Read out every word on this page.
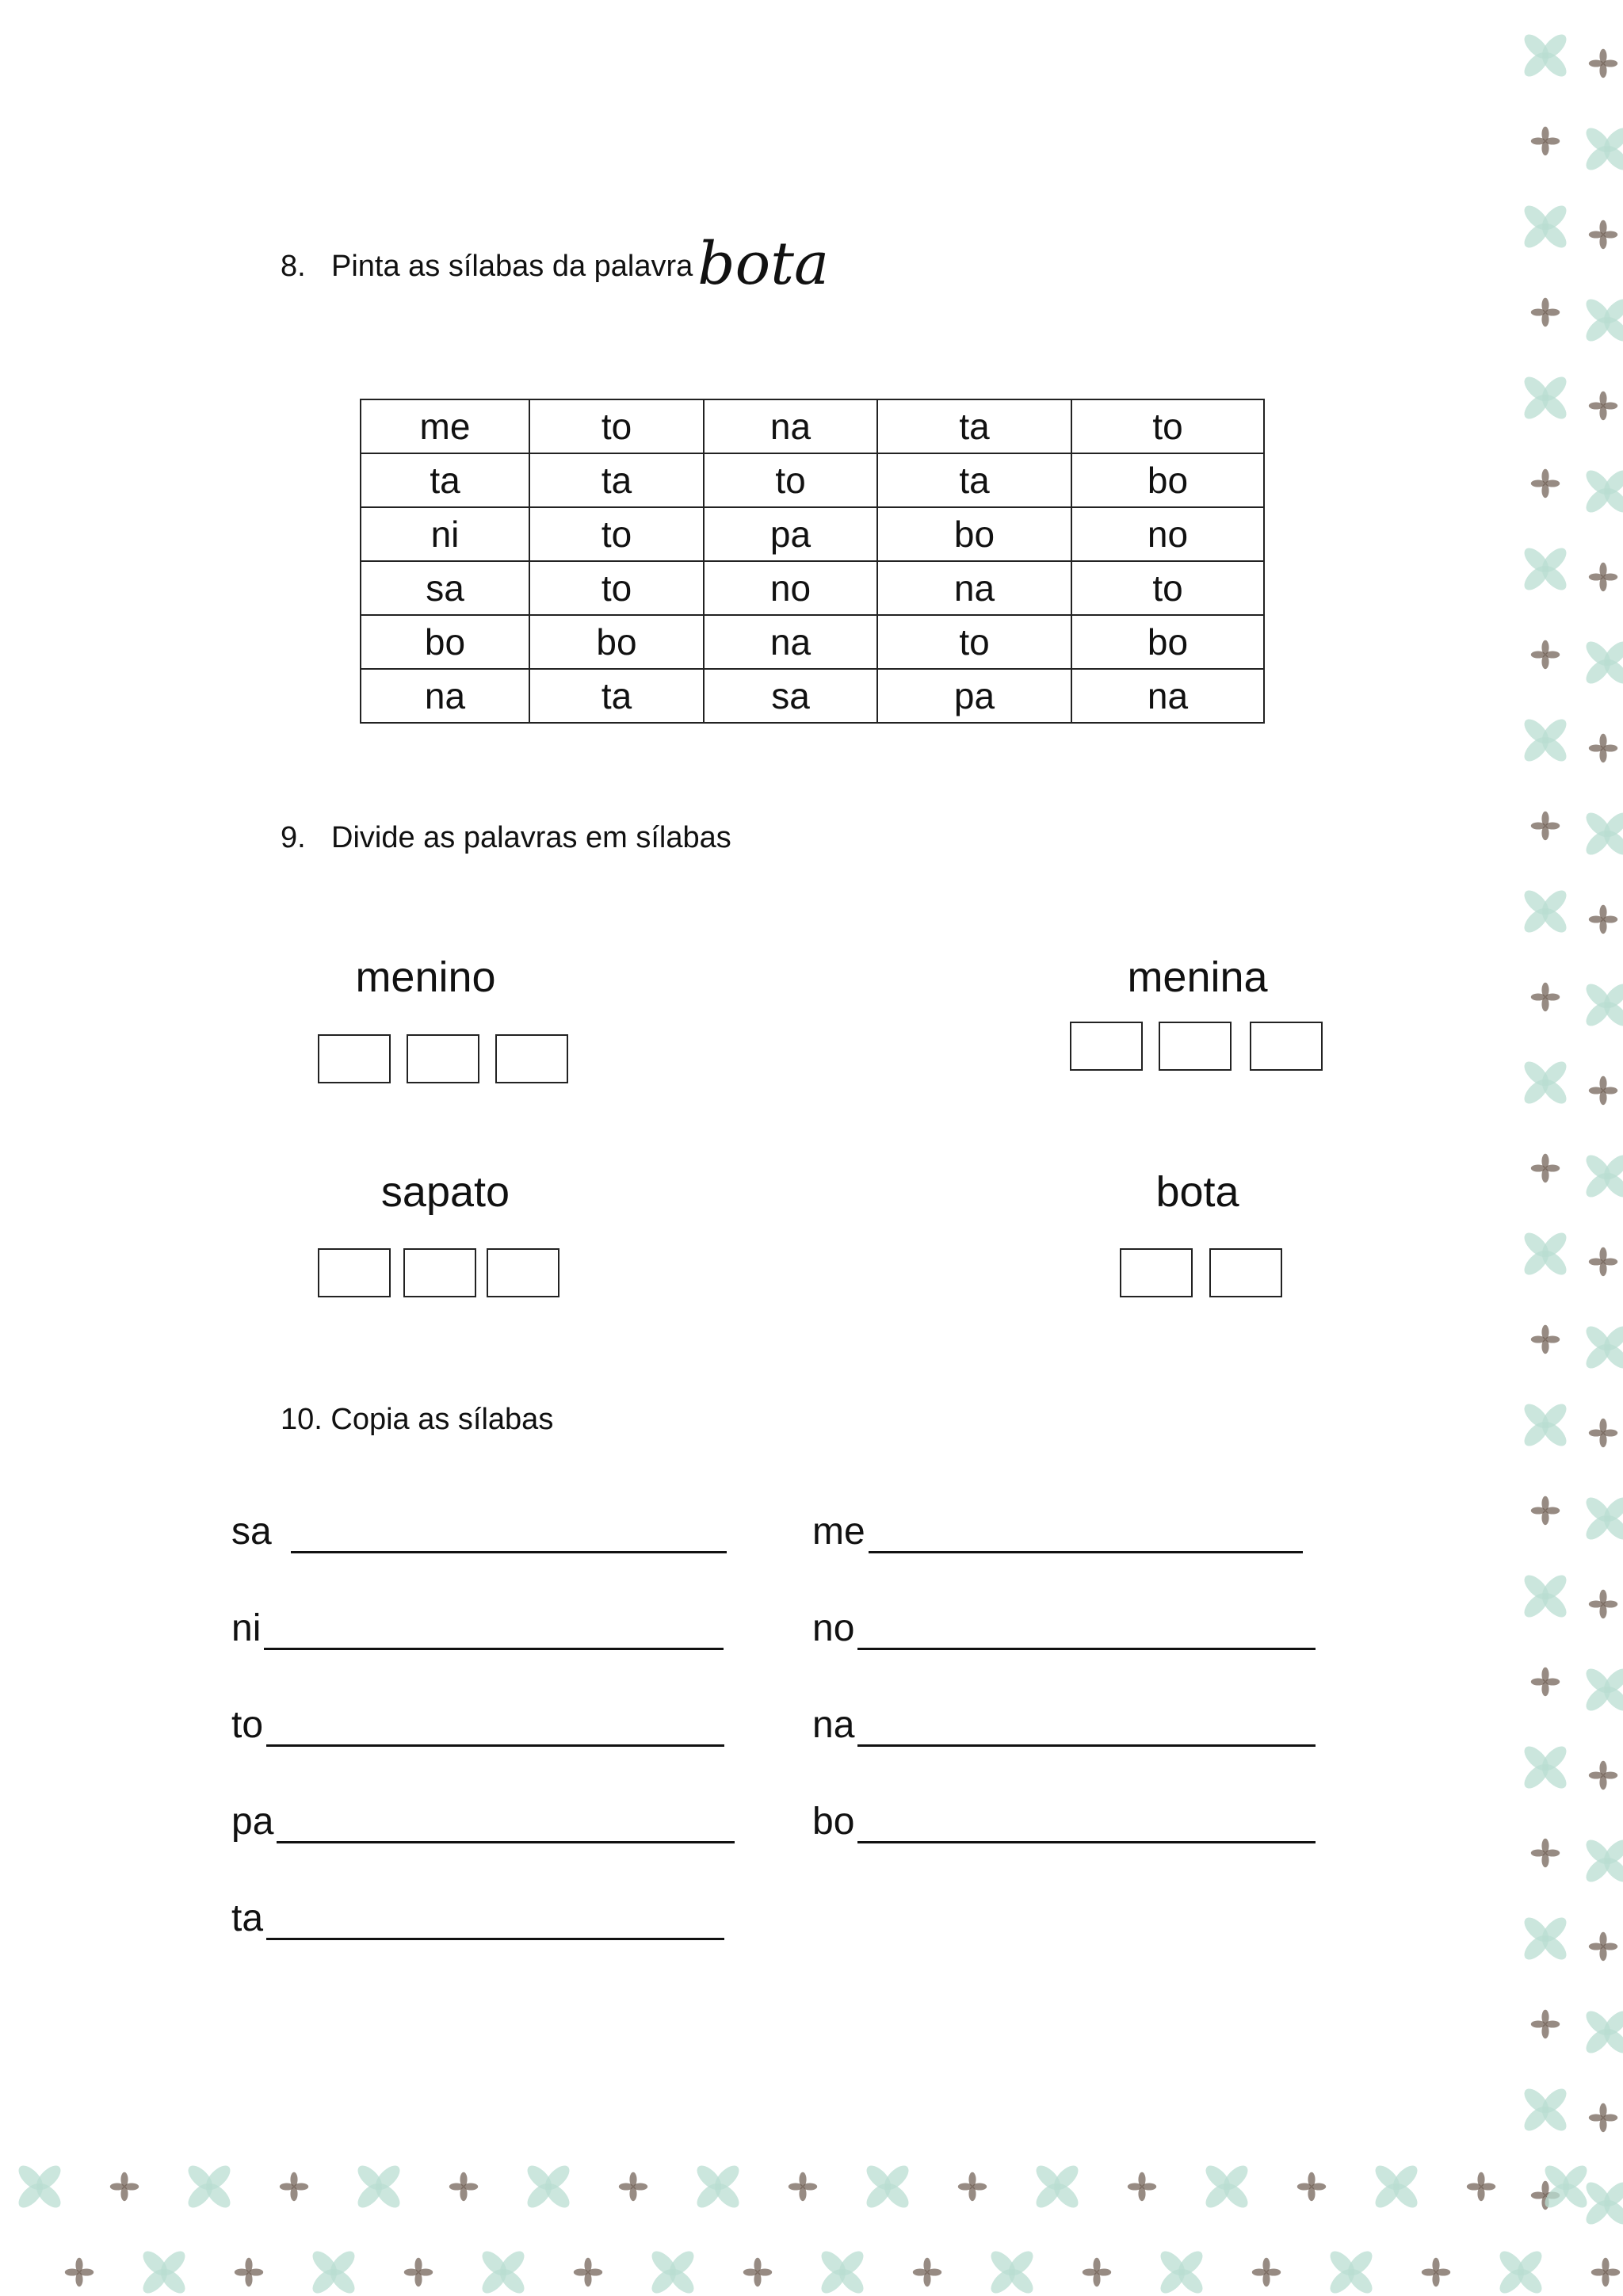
8. Pinta as sílabas da palavrabota
me	to	na	ta	to
ta	ta	to	ta	bo
ni	to	pa	bo	no
sa	to	no	na	to
bo	bo	na	to	bo
na	ta	sa	pa	na
9. Divide as palavras em sílabas
menino	menina
sapato	bota
10. Copia as sílabas
sa
ni
to
pa
ta
me
no
na
bo
